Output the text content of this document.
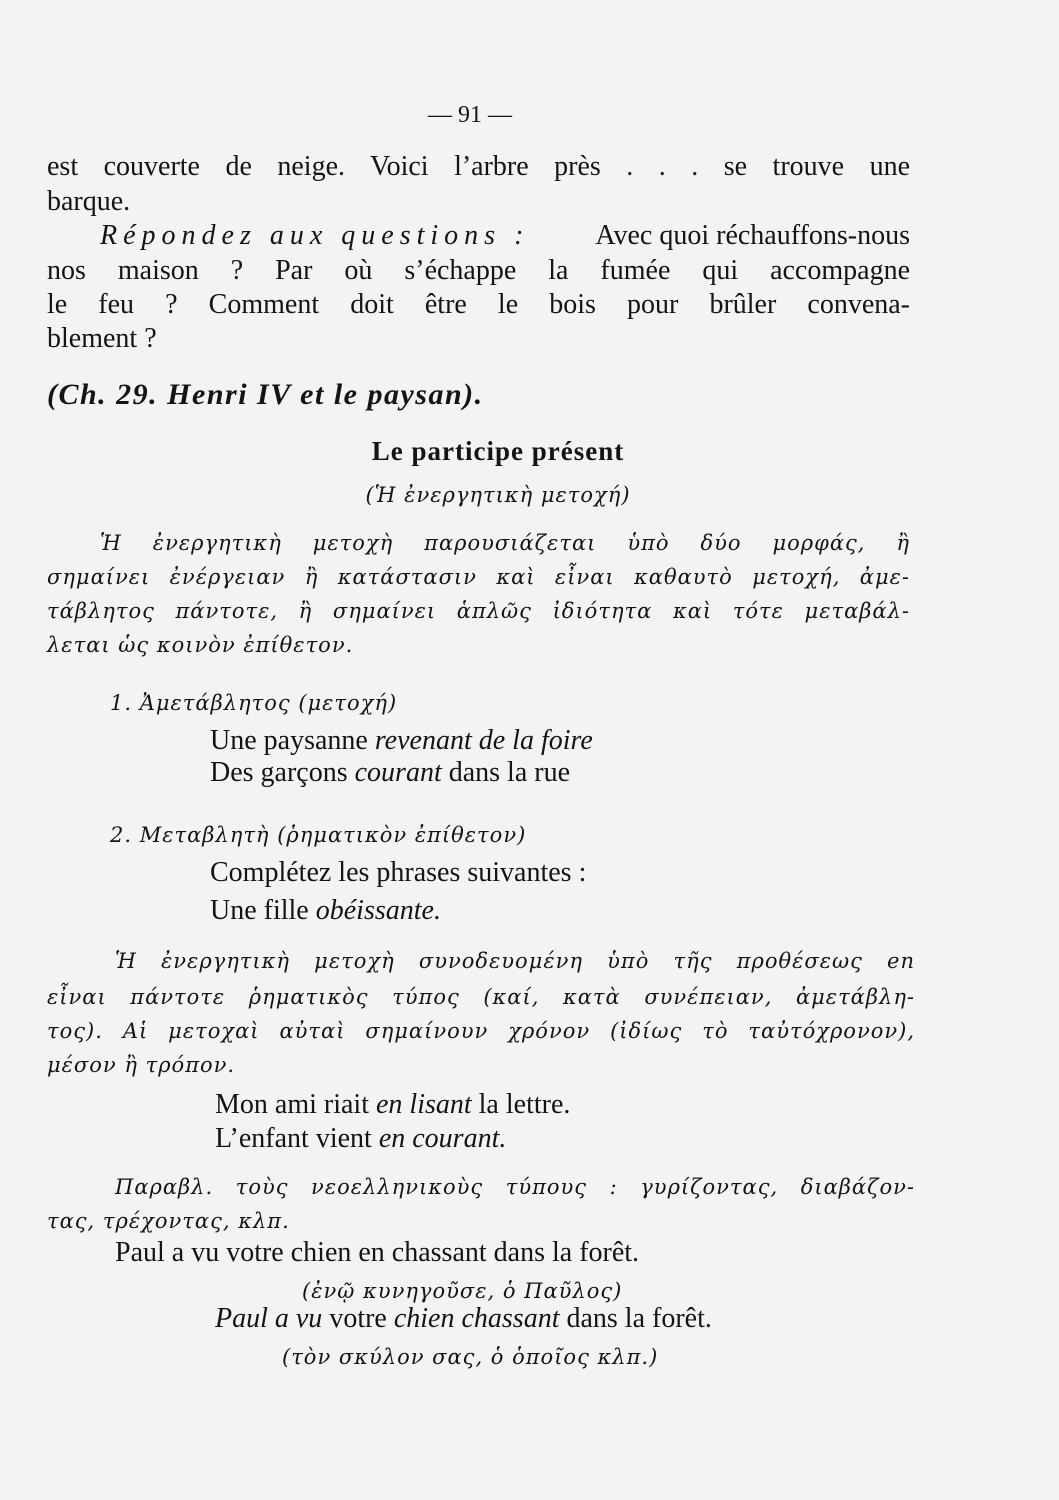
— 91 —
est couverte de neige. Voici l’arbre près . . . se trouve une
barque.
Répondez aux questions : Avec quoi réchauffons-nous
nos maison ? Par où s’échappe la fumée qui accompagne
le feu ? Comment doit être le bois pour brûler convena-
blement ?
(Ch. 29. Henri IV et le paysan).
Le participe présent
(Ἡ ἐνεργητικὴ μετοχή)
Ἡ ἐνεργητικὴ μετοχὴ παρουσιάζεται ὑπὸ δύο μορφάς, ἢ
σημαίνει ἐνέργειαν ἢ κατάστασιν καὶ εἶναι καθαυτὸ μετοχή, ἀμε-
τάβλητος πάντοτε, ἢ σημαίνει ἁπλῶς ἰδιότητα καὶ τότε μεταβάλ-
λεται ὡς κοινὸν ἐπίθετον.
1. Ἀμετάβλητος (μετοχή)
Une paysanne revenant de la foire
Des garçons courant dans la rue
2. Μεταβλητὴ (ῥηματικὸν ἐπίθετον)
Complétez les phrases suivantes :
Une fille obéissante.
Ἡ ἐνεργητικὴ μετοχὴ συνοδευομένη ὑπὸ τῆς προθέσεως en
εἶναι πάντοτε ῥηματικὸς τύπος (καί, κατὰ συνέπειαν, ἀμετάβλη-
τος). Αἱ μετοχαὶ αὐταὶ σημαίνουν χρόνον (ἰδίως τὸ ταὐτόχρονον),
μέσον ἢ τρόπον.
Mon ami riait en lisant la lettre.
L’enfant vient en courant.
Παραβλ. τοὺς νεοελληνικοὺς τύπους : γυρίζοντας, διαβάζον-
τας, τρέχοντας, κλπ.
Paul a vu votre chien en chassant dans la forêt.
(ἐνῷ κυνηγοῦσε, ὁ Παῦλος)
Paul a vu votre chien chassant dans la forêt.
(τὸν σκύλον σας, ὁ ὁποῖος κλπ.)
